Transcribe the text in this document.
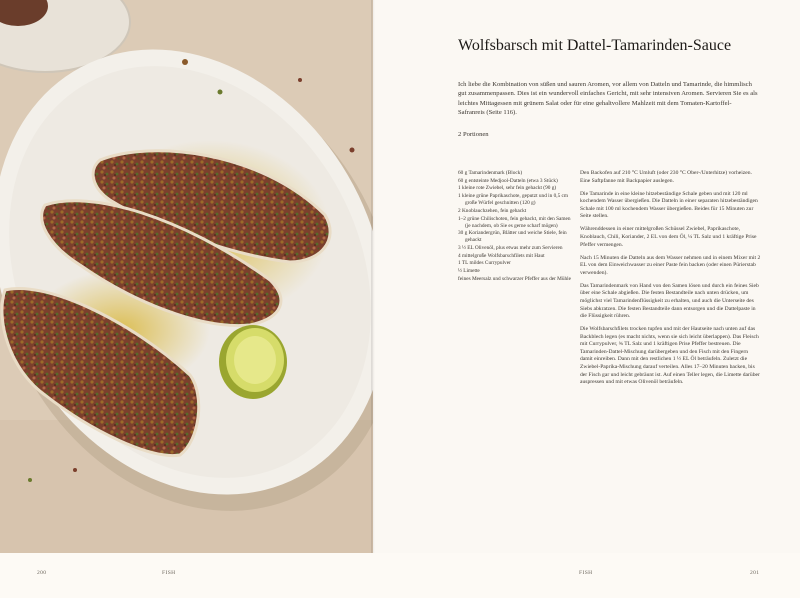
Wolfsbarsch mit Dattel-Tamarinden-Sauce

Ich liebe die Kombination von süßen und sauren Aromen, vor allem von Datteln und Tamarinde, die himmlisch gut zusammenpassen. Dies ist ein wundervoll einfaches Gericht, mit sehr intensiven Aromen. Servieren Sie es als leichtes Mittagessen mit grünem Salat oder für eine gehaltvollere Mahlzeit mit dem Tomaten-Kartoffel-Safranreis (Seite 116).

2 Portionen

60 g Tamarindenmark (Block)
60 g entsteinte Medjool-Datteln (etwa 3 Stück)
1 kleine rote Zwiebel, sehr fein gehackt (90 g)
1 kleine grüne Paprikaschote, geputzt und in 0,5 cm große Würfel geschnitten (120 g)
2 Knoblauchzehen, fein gehackt
1–2 grüne Chilischoten, fein gehackt, mit den Samen (je nachdem, ob Sie es gerne scharf mögen)
30 g Koriandergrün, Blätter und weiche Stiele, fein gehackt
3 ½ EL Olivenöl, plus etwas mehr zum Servieren
4 mittelgroße Wolfsbarschfilets mit Haut
1 TL mildes Currypulver
½ Limette
feines Meersalz und schwarzer Pfeffer aus der Mühle

Den Backofen auf 210 °C Umluft (oder 230 °C Ober-/Unterhitze) vorheizen. Eine Saftpfanne mit Backpapier auslegen.

Die Tamarinde in eine kleine hitzebeständige Schale geben und mit 120 ml kochendem Wasser übergießen. Die Datteln in einer separaten hitzebeständigen Schale mit 100 ml kochendem Wasser übergießen. Beides für 15 Minuten zur Seite stellen.

Währenddessen in einer mittelgroßen Schüssel Zwiebel, Paprikaschote, Knoblauch, Chili, Koriander, 2 EL von dem Öl, ¼ TL Salz und 1 kräftige Prise Pfeffer vermengen.

Nach 15 Minuten die Datteln aus dem Wasser nehmen und in einem Mixer mit 2 EL von dem Einweichwasser zu einer Paste fein backen (oder einen Pürierstab verwenden).

Das Tamarindenmark von Hand von den Samen lösen und durch ein feines Sieb über eine Schale abgießen. Die festen Bestandteile nach unten drücken, um möglichst viel Tamarindenflüssigkeit zu erhalten, und auch die Unterseite des Siebs abkratzen. Die festen Bestandteile dann entsorgen und die Dattelpaste in die Flüssigkeit rühren.

Die Wolfsbarschfilets trocken tupfen und mit der Hautseite nach unten auf das Backblech legen (es macht nichts, wenn sie sich leicht überlappen). Das Fleisch mit Currypulver, ¾ TL Salz und 1 kräftigen Prise Pfeffer bestreuen. Die Tamarinden-Dattel-Mischung darübergeben und den Fisch mit den Fingern damit einreiben. Dann mit den restlichen 1 ½ EL Öl beträufeln. Zuletzt die Zwiebel-Paprika-Mischung darauf verteilen. Alles 17–20 Minuten backen, bis der Fisch gar und leicht gebräunt ist. Auf einen Teller legen, die Limette darüber auspressen und mit etwas Olivenöl beträufeln.

200	FISH	FISH	201
